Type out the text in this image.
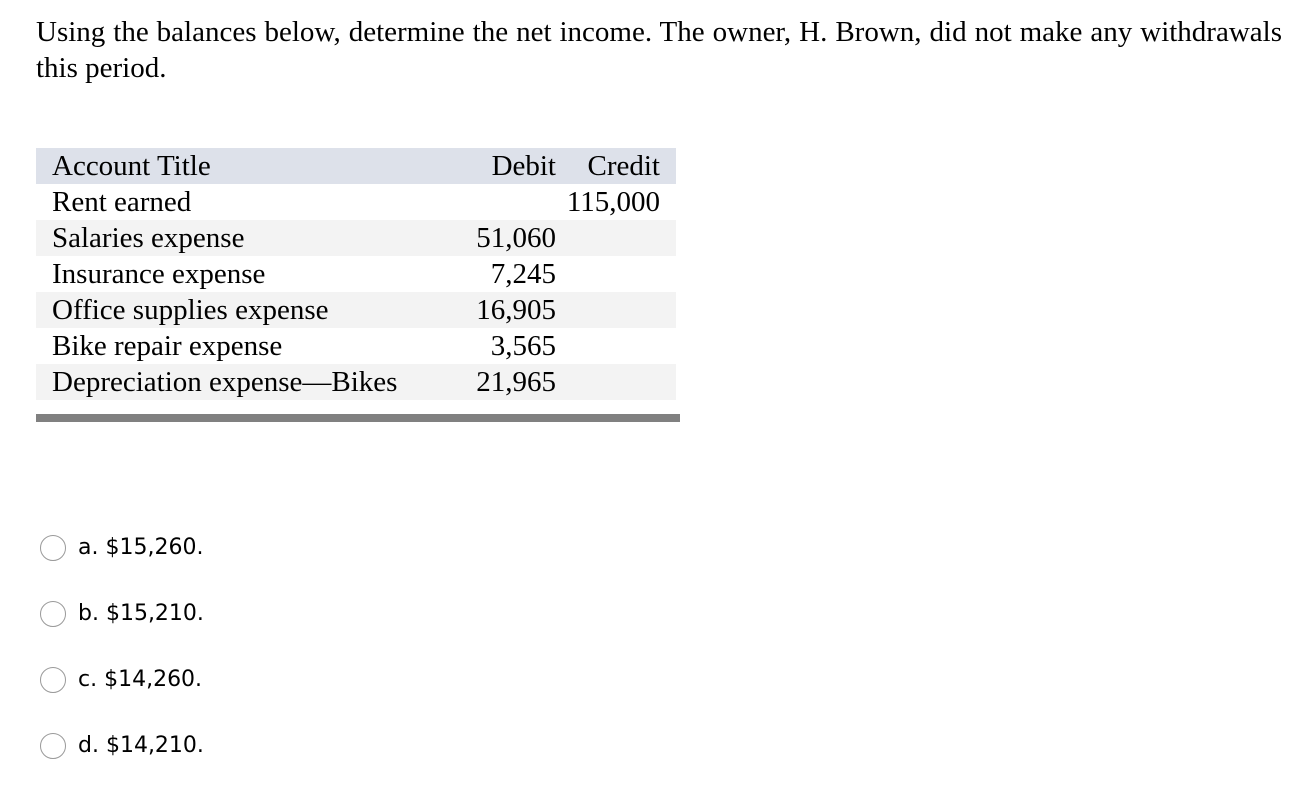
Using the balances below, determine the net income. The owner, H. Brown, did not make any withdrawals this period.

Account Title	Debit	Credit
Rent earned		115,000
Salaries expense	51,060	
Insurance expense	7,245	
Office supplies expense	16,905	
Bike repair expense	3,565	
Depreciation expense—Bikes	21,965	
a. $15,260.
b. $15,210.
c. $14,260.
d. $14,210.
